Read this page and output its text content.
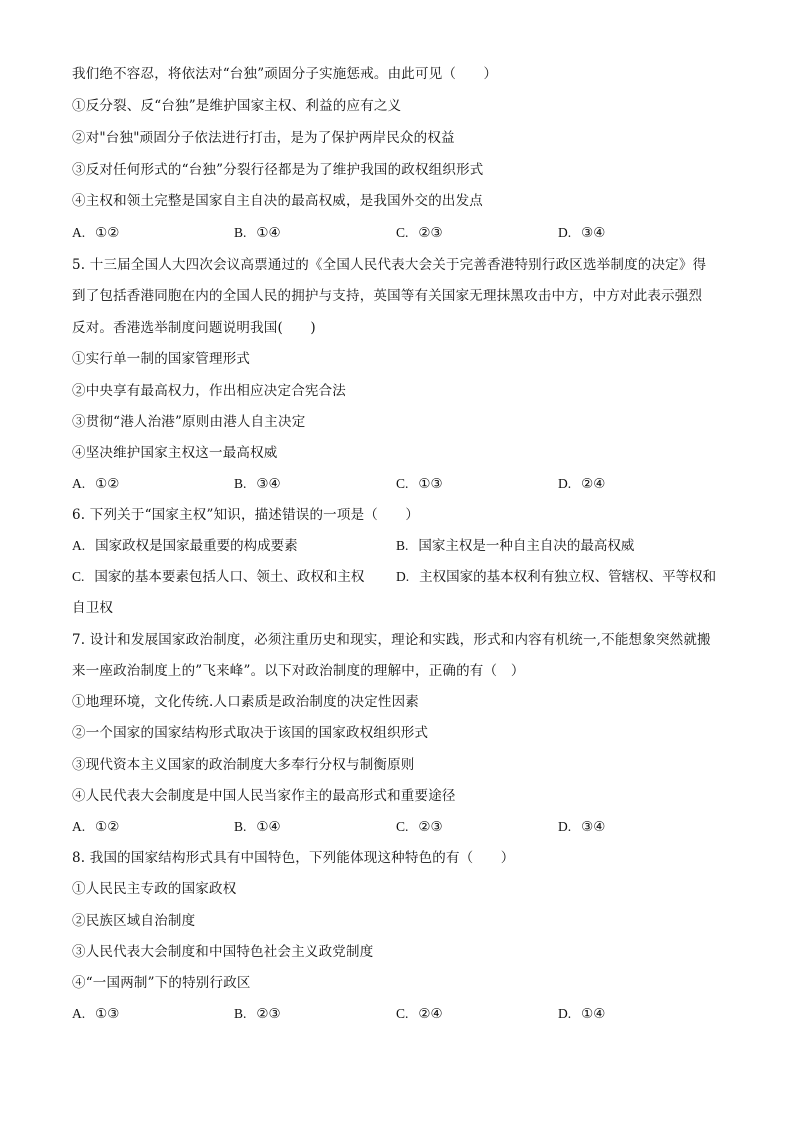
我们绝不容忍，将依法对“台独”顽固分子实施惩戒。由此可见（　　）
①反分裂、反“台独”是维护国家主权、利益的应有之义
②对"台独"顽固分子依法进行打击，是为了保护两岸民众的权益
③反对任何形式的“台独”分裂行径都是为了维护我国的政权组织形式
④主权和领土完整是国家自主自决的最高权威，是我国外交的出发点
A. ①②	B. ①④	C. ②③	D. ③④
5. 十三届全国人大四次会议高票通过的《全国人民代表大会关于完善香港特别行政区选举制度的决定》得
到了包括香港同胞在内的全国人民的拥护与支持，英国等有关国家无理抹黑攻击中方，中方对此表示强烈
反对。香港选举制度问题说明我国(　　)
①实行单一制的国家管理形式
②中央享有最高权力，作出相应决定合宪合法
③贯彻“港人治港”原则由港人自主决定
④坚决维护国家主权这一最高权威
A. ①②	B. ③④	C. ①③	D. ②④
6. 下列关于“国家主权”知识，描述错误的一项是（　　）
A. 国家政权是国家最重要的构成要素	B. 国家主权是一种自主自决的最高权威
C. 国家的基本要素包括人口、领土、政权和主权 D. 主权国家的基本权利有独立权、管辖权、平等权和
自卫权
7. 设计和发展国家政治制度，必须注重历史和现实，理论和实践，形式和内容有机统一,不能想象突然就搬
来一座政治制度上的”飞来峰”。以下对政治制度的理解中，正确的有（　）
①地理环境，文化传统.人口素质是政治制度的决定性因素
②一个国家的国家结构形式取决于该国的国家政权组织形式
③现代资本主义国家的政治制度大多奉行分权与制衡原则
④人民代表大会制度是中国人民当家作主的最高形式和重要途径
A. ①②	B. ①④	C. ②③	D. ③④
8. 我国的国家结构形式具有中国特色，下列能体现这种特色的有（　　）
①人民民主专政的国家政权
②民族区域自治制度
③人民代表大会制度和中国特色社会主义政党制度
④“一国两制”下的特别行政区
A. ①③	B. ②③	C. ②④	D. ①④
